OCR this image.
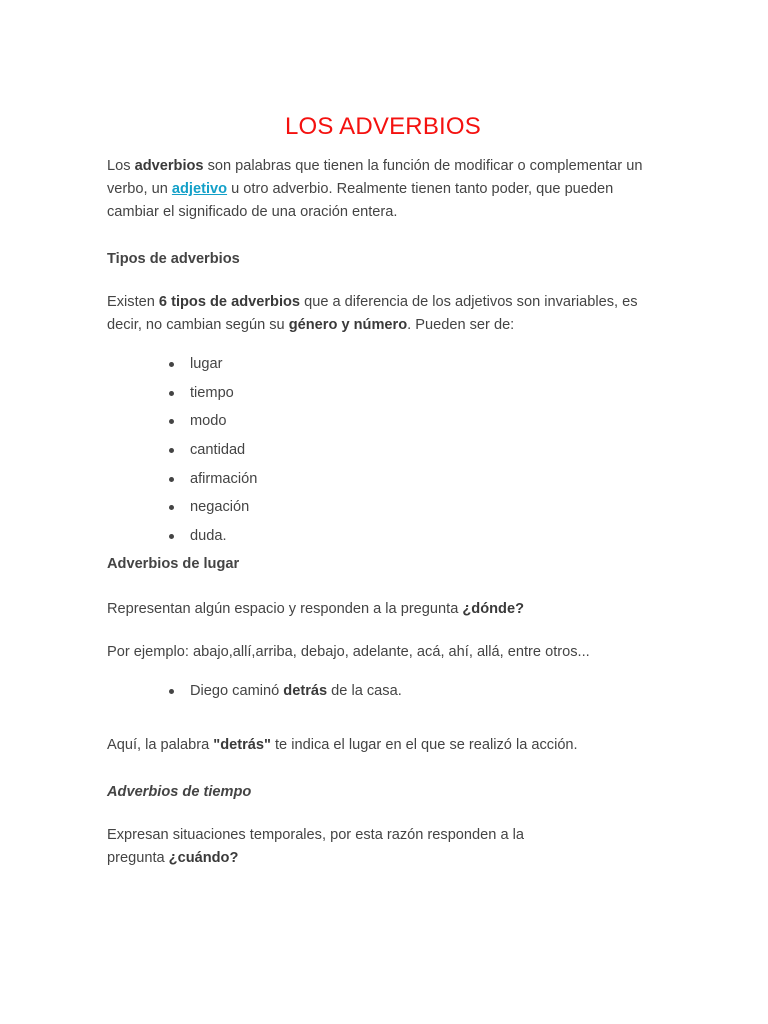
LOS ADVERBIOS

Los adverbios son palabras que tienen la función de modificar o complementar un verbo, un adjetivo u otro adverbio. Realmente tienen tanto poder, que pueden cambiar el significado de una oración entera.

Tipos de adverbios

Existen 6 tipos de adverbios que a diferencia de los adjetivos son invariables, es decir, no cambian según su género y número. Pueden ser de:

lugar
tiempo
modo
cantidad
afirmación
negación
duda.

Adverbios de lugar

Representan algún espacio y responden a la pregunta ¿dónde?

Por ejemplo: abajo,allí,arriba, debajo, adelante, acá, ahí, allá, entre otros...

Diego caminó detrás de la casa.

Aquí, la palabra "detrás" te indica el lugar en el que se realizó la acción.

Adverbios de tiempo

Expresan situaciones temporales, por esta razón responden a la
pregunta ¿cuándo?
